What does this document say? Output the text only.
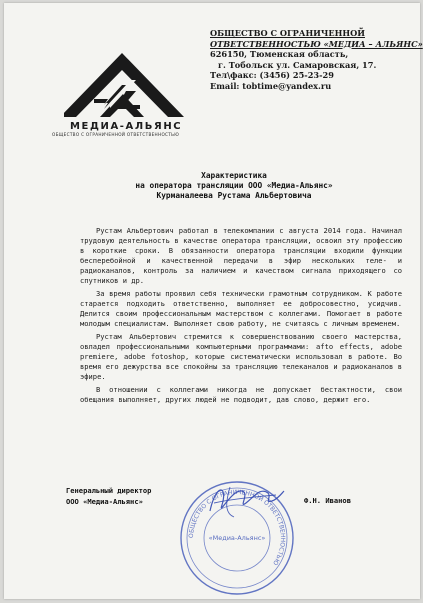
МЕДИА-АЛЬЯНС
ОБЩЕСТВО С ОГРАНИЧЕННОЙ ОТВЕТСТВЕННОСТЬЮ
ОБЩЕСТВО С ОГРАНИЧЕННОЙ
ОТВЕТСТВЕННОСТЬЮ «МЕДИА – АЛЬЯНС»
626150, Тюменская область,
г. Тобольск ул. Самаровская, 17.
Тел\факс: (3456) 25-23-29
Email: tobtime@yandex.ru
Характеристика
на оператора трансляции ООО «Медиа-Альянс»
Курманалеева Рустама Альбертовича

Рустам Альбертович работал в телекомпании с августа 2014 года. Начинал трудовую деятельность в качестве оператора трансляции, освоил эту профессию в короткие сроки. В обязанности оператора трансляции входили функции бесперебойной и качественной передачи в эфир нескольких теле- и радиоканалов, контроль за наличием и качеством сигнала приходящего со спутников и др.

За время работы проявил себя технически грамотным сотрудником. К работе старается подходить ответственно, выполняет ее добросовестно, усидчив. Делится своим профессиональным мастерством с коллегами. Помогает в работе молодым специалистам. Выполняет свою работу, не считаясь с личным временем.

Рустам Альбертович стремится к совершенствованию своего мастерства, овладел профессиональными компьютерными программами: afto effects, adobe premiere, adobe fotoshop, которые систематически использовал в работе. Во время его дежурства все спокойны за трансляцию телеканалов и радиоканалов в эфире.

В отношении с коллегами никогда не допускает бестактности, свои обещания выполняет, других людей не подводит, дав слово, держит его.

Генеральный директор
ООО «Медиа-Альянс»	Ф.Н. Иванов
ОБЩЕСТВО С ОГРАНИЧЕННОЙ ОТВЕТСТВЕННОСТЬЮ
«Медиа-Альянс»
